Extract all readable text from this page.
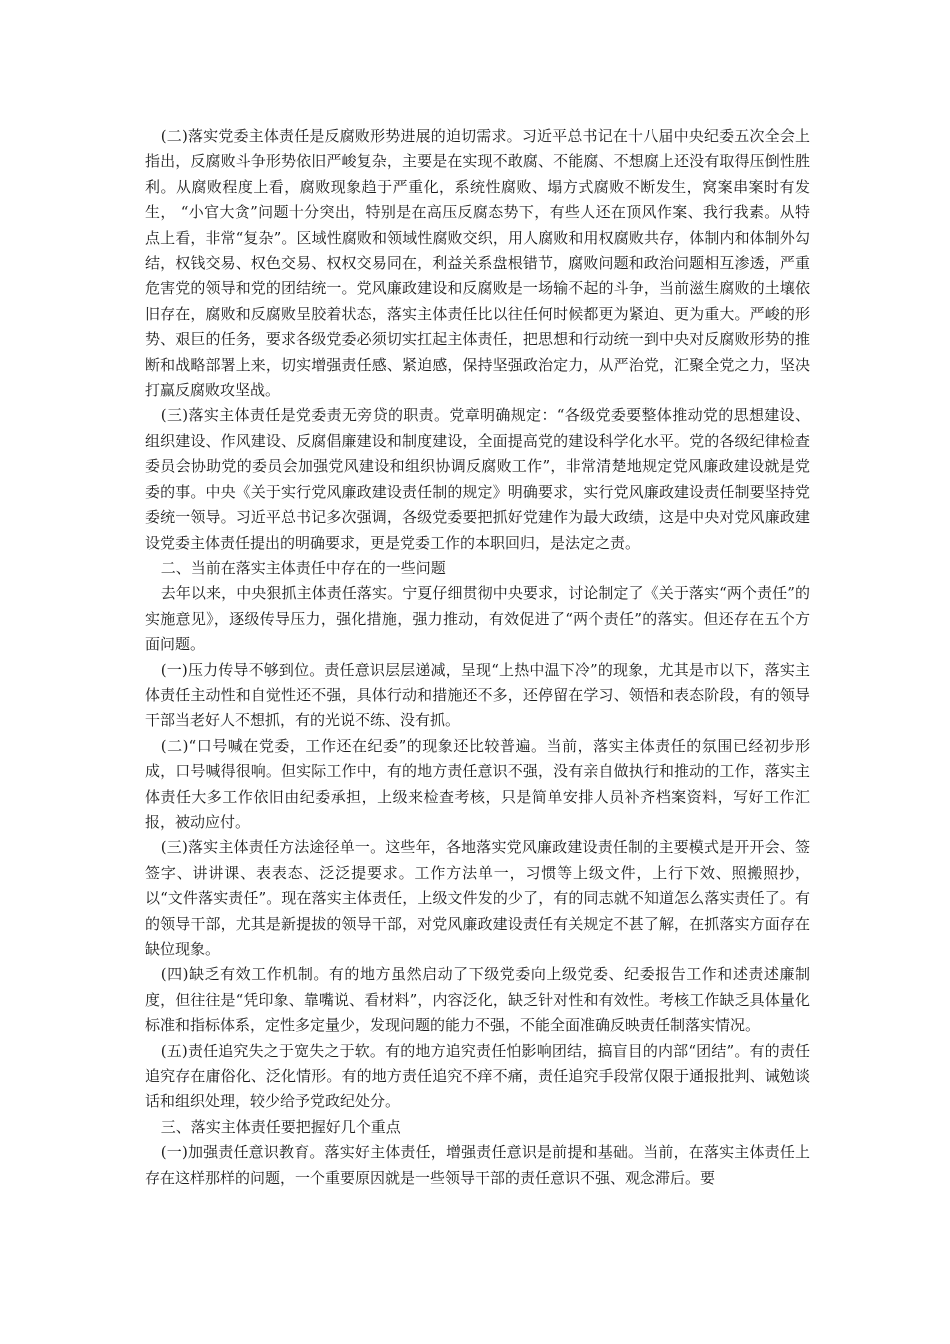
(二)落实党委主体责任是反腐败形势进展的迫切需求。习近平总书记在十八届中央纪委五次全会上指出，反腐败斗争形势依旧严峻复杂，主要是在实现不敢腐、不能腐、不想腐上还没有取得压倒性胜利。从腐败程度上看，腐败现象趋于严重化，系统性腐败、塌方式腐败不断发生，窝案串案时有发生， “小官大贪”问题十分突出，特别是在高压反腐态势下，有些人还在顶风作案、我行我素。从特点上看，非常“复杂”。区域性腐败和领域性腐败交织，用人腐败和用权腐败共存，体制内和体制外勾结，权钱交易、权色交易、权权交易同在，利益关系盘根错节，腐败问题和政治问题相互渗透，严重危害党的领导和党的团结统一。党风廉政建设和反腐败是一场输不起的斗争，当前滋生腐败的土壤依旧存在，腐败和反腐败呈胶着状态，落实主体责任比以往任何时候都更为紧迫、更为重大。严峻的形势、艰巨的任务，要求各级党委必须切实扛起主体责任，把思想和行动统一到中央对反腐败形势的推断和战略部署上来，切实增强责任感、紧迫感，保持坚强政治定力，从严治党，汇聚全党之力，坚决打赢反腐败攻坚战。

(三)落实主体责任是党委责无旁贷的职责。党章明确规定：“各级党委要整体推动党的思想建设、组织建设、作风建设、反腐倡廉建设和制度建设，全面提高党的建设科学化水平。党的各级纪律检查委员会协助党的委员会加强党风建设和组织协调反腐败工作”，非常清楚地规定党风廉政建设就是党委的事。中央《关于实行党风廉政建设责任制的规定》明确要求，实行党风廉政建设责任制要坚持党委统一领导。习近平总书记多次强调，各级党委要把抓好党建作为最大政绩，这是中央对党风廉政建设党委主体责任提出的明确要求，更是党委工作的本职回归，是法定之责。

二、当前在落实主体责任中存在的一些问题

去年以来，中央狠抓主体责任落实。宁夏仔细贯彻中央要求，讨论制定了《关于落实“两个责任”的实施意见》，逐级传导压力，强化措施，强力推动，有效促进了“两个责任”的落实。但还存在五个方面问题。

(一)压力传导不够到位。责任意识层层递减，呈现“上热中温下冷”的现象，尤其是市以下，落实主体责任主动性和自觉性还不强，具体行动和措施还不多，还停留在学习、领悟和表态阶段，有的领导干部当老好人不想抓，有的光说不练、没有抓。

(二)“口号喊在党委，工作还在纪委”的现象还比较普遍。当前，落实主体责任的氛围已经初步形成，口号喊得很响。但实际工作中，有的地方责任意识不强，没有亲自做执行和推动的工作，落实主体责任大多工作依旧由纪委承担，上级来检查考核，只是简单安排人员补齐档案资料，写好工作汇报，被动应付。

(三)落实主体责任方法途径单一。这些年，各地落实党风廉政建设责任制的主要模式是开开会、签签字、讲讲课、表表态、泛泛提要求。工作方法单一，习惯等上级文件，上行下效、照搬照抄，以“文件落实责任”。现在落实主体责任，上级文件发的少了，有的同志就不知道怎么落实责任了。有的领导干部，尤其是新提拔的领导干部，对党风廉政建设责任有关规定不甚了解，在抓落实方面存在缺位现象。

(四)缺乏有效工作机制。有的地方虽然启动了下级党委向上级党委、纪委报告工作和述责述廉制度，但往往是“凭印象、靠嘴说、看材料”，内容泛化，缺乏针对性和有效性。考核工作缺乏具体量化标准和指标体系，定性多定量少，发现问题的能力不强，不能全面准确反映责任制落实情况。

(五)责任追究失之于宽失之于软。有的地方追究责任怕影响团结，搞盲目的内部“团结”。有的责任追究存在庸俗化、泛化情形。有的地方责任追究不痒不痛，责任追究手段常仅限于通报批判、诫勉谈话和组织处理，较少给予党政纪处分。

三、落实主体责任要把握好几个重点

(一)加强责任意识教育。落实好主体责任，增强责任意识是前提和基础。当前，在落实主体责任上存在这样那样的问题，一个重要原因就是一些领导干部的责任意识不强、观念滞后。要
